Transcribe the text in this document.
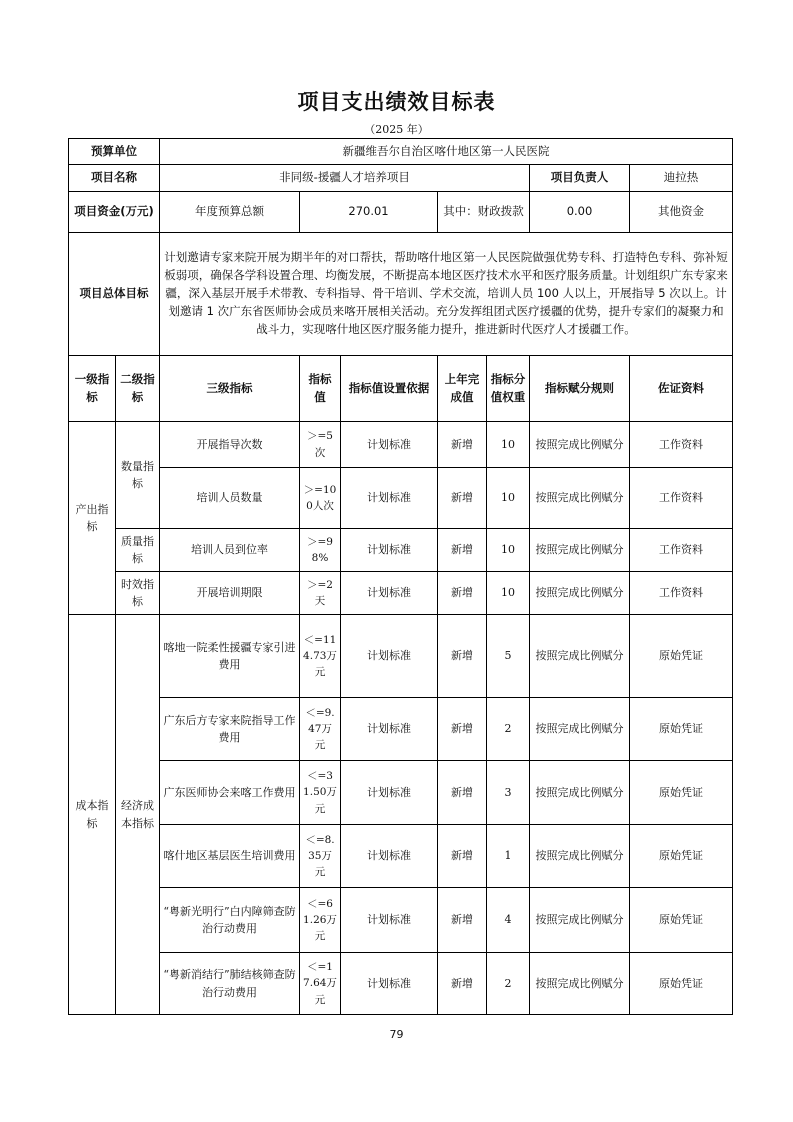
项目支出绩效目标表
（2025 年）
预算单位		新疆维吾尔自治区喀什地区第一人民医院							
项目名称		非同级-援疆人才培养项目					项目负责人	迪拉热	
项目资金(万元)		年度预算总额	270.01		其中：财政拨款		0.00	其他资金	
项目总体目标		计划邀请专家来院开展为期半年的对口帮扶，帮助喀什地区第一人民医院做强优势专科、打造特色专科、弥补短板弱项，确保各学科设置合理、均衡发展，不断提高本地区医疗技术水平和医疗服务质量。计划组织广东专家来疆，深入基层开展手术带教、专科指导、骨干培训、学术交流，培训人员 100 人以上，开展指导 5 次以上。计划邀请 1 次广东省医师协会成员来喀开展相关活动。充分发挥组团式医疗援疆的优势，提升专家们的凝聚力和战斗力，实现喀什地区医疗服务能力提升，推进新时代医疗人才援疆工作。							
一级指标	二级指标	三级指标	指标值	指标值设置依据	上年完成值	指标分值权重	指标赋分规则	佐证资料	
产出指标	数量指标	开展指导次数	＞=5次	计划标准	新增	10	按照完成比例赋分	工作资料	
		培训人员数量	＞=100人次	计划标准	新增	10	按照完成比例赋分	工作资料	
	质量指标	培训人员到位率	＞=98%	计划标准	新增	10	按照完成比例赋分	工作资料	
	时效指标	开展培训期限	＞=2天	计划标准	新增	10	按照完成比例赋分	工作资料	
成本指标	经济成本指标	喀地一院柔性援疆专家引进费用	＜=114.73万元	计划标准	新增	5	按照完成比例赋分	原始凭证	
		广东后方专家来院指导工作费用	＜=9.47万元	计划标准	新增	2	按照完成比例赋分	原始凭证	
		广东医师协会来喀工作费用	＜=31.50万元	计划标准	新增	3	按照完成比例赋分	原始凭证	
		喀什地区基层医生培训费用	＜=8.35万元	计划标准	新增	1	按照完成比例赋分	原始凭证	
		“粤新光明行”白内障筛查防治行动费用	＜=61.26万元	计划标准	新增	4	按照完成比例赋分	原始凭证	
		“粤新消结行”肺结核筛查防治行动费用	＜=17.64万元	计划标准	新增	2	按照完成比例赋分	原始凭证	
79
